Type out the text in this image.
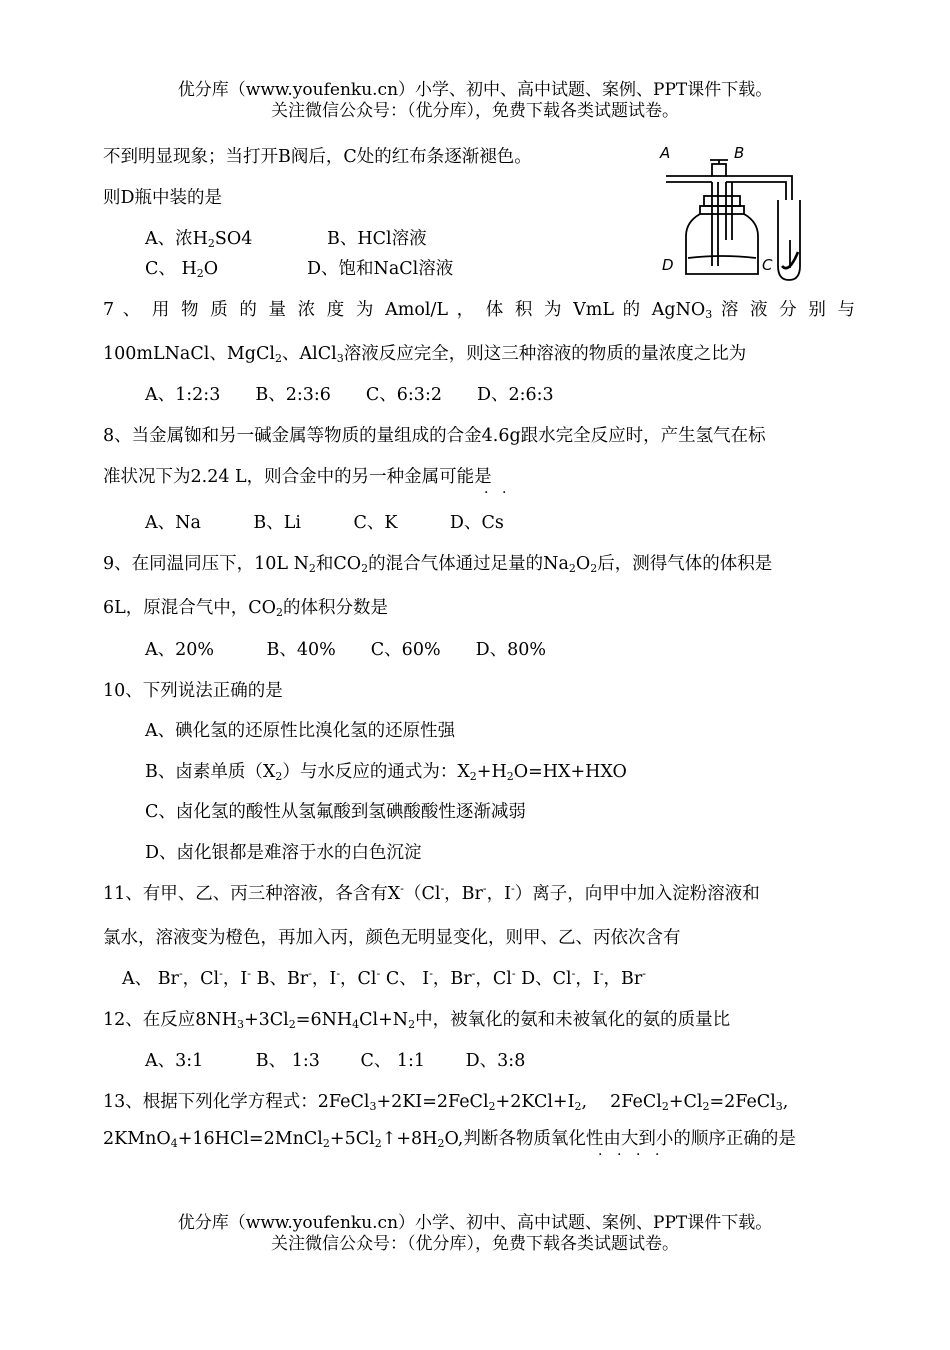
优分库（www.youfenku.cn）小学、初中、高中试题、案例、PPT课件下载。
关注微信公众号：（优分库），免费下载各类试题试卷。
不到明显现象；当打开B阀后，C处的红布条逐渐褪色。
则D瓶中装的是
A、浓$H_2SO4$	B、HCl溶液
C、 $H_2O$	D、饱和NaCl溶液
A	B
D	C
7 、 用 物 质 的 量 浓 度 为 Amol/L ， 体 积 为 VmL 的 AgNO$_3$ 溶 液 分 别 与
100mLNaCl、MgCl$_2$、AlCl$_3$溶液反应完全，则这三种溶液的物质的量浓度之比为
A、1:2:3　　B、2:3:6　　C、6:3:2　　D、2:6:3
8、当金属铷和另一碱金属等物质的量组成的合金4.6g跟水完全反应时，产生氢气在标
准状况下为2.24 L，则合金中的另一种金属可能是
· ·
A、Na　　　B、Li　　　C、K　　　D、Cs
9、在同温同压下，10L $N_2$和$CO_2$的混合气体通过足量的$Na_2O_2$后，测得气体的体积是
6L，原混合气中，$CO_2$的体积分数是
A、20%　　　B、40%　　C、60%　　D、80%
10、下列说法正确的是
A、碘化氢的还原性比溴化氢的还原性强
B、卤素单质$(X_2)$与水反应的通式为：$X_2+H_2O=HX+HXO$
C、卤化氢的酸性从氢氟酸到氢碘酸酸性逐渐减弱
D、卤化银都是难溶于水的白色沉淀
11、有甲、乙、丙三种溶液，各含有X-（Cl-，Br-，I-）离子，向甲中加入淀粉溶液和
氯水，溶液变为橙色，再加入丙，颜色无明显变化，则甲、乙、丙依次含有
A、 Br-，Cl-，I- B、Br-，I-，Cl- C、 I-，Br-，Cl- D、Cl-，I-，Br-
12、在反应$8NH_3+3Cl_2=6NH_4Cl+N_2$中，被氧化的氨和未被氧化的氨的质量比
A、3:1　　　B、 1:3　　 C、 1:1　　 D、3:8
13、根据下列化学方程式：$2FeCl_3+2KI=2FeCl_2+2KCl+I_2$,　 $2FeCl_2+Cl_2=2FeCl_3$,
$2KMnO_4+16HCl=2MnCl_2+5Cl_2↑+8H_2O$,判断各物质氧化性由大到小的顺序正确的是
· · · ·
优分库（www.youfenku.cn）小学、初中、高中试题、案例、PPT课件下载。
关注微信公众号：（优分库），免费下载各类试题试卷。
